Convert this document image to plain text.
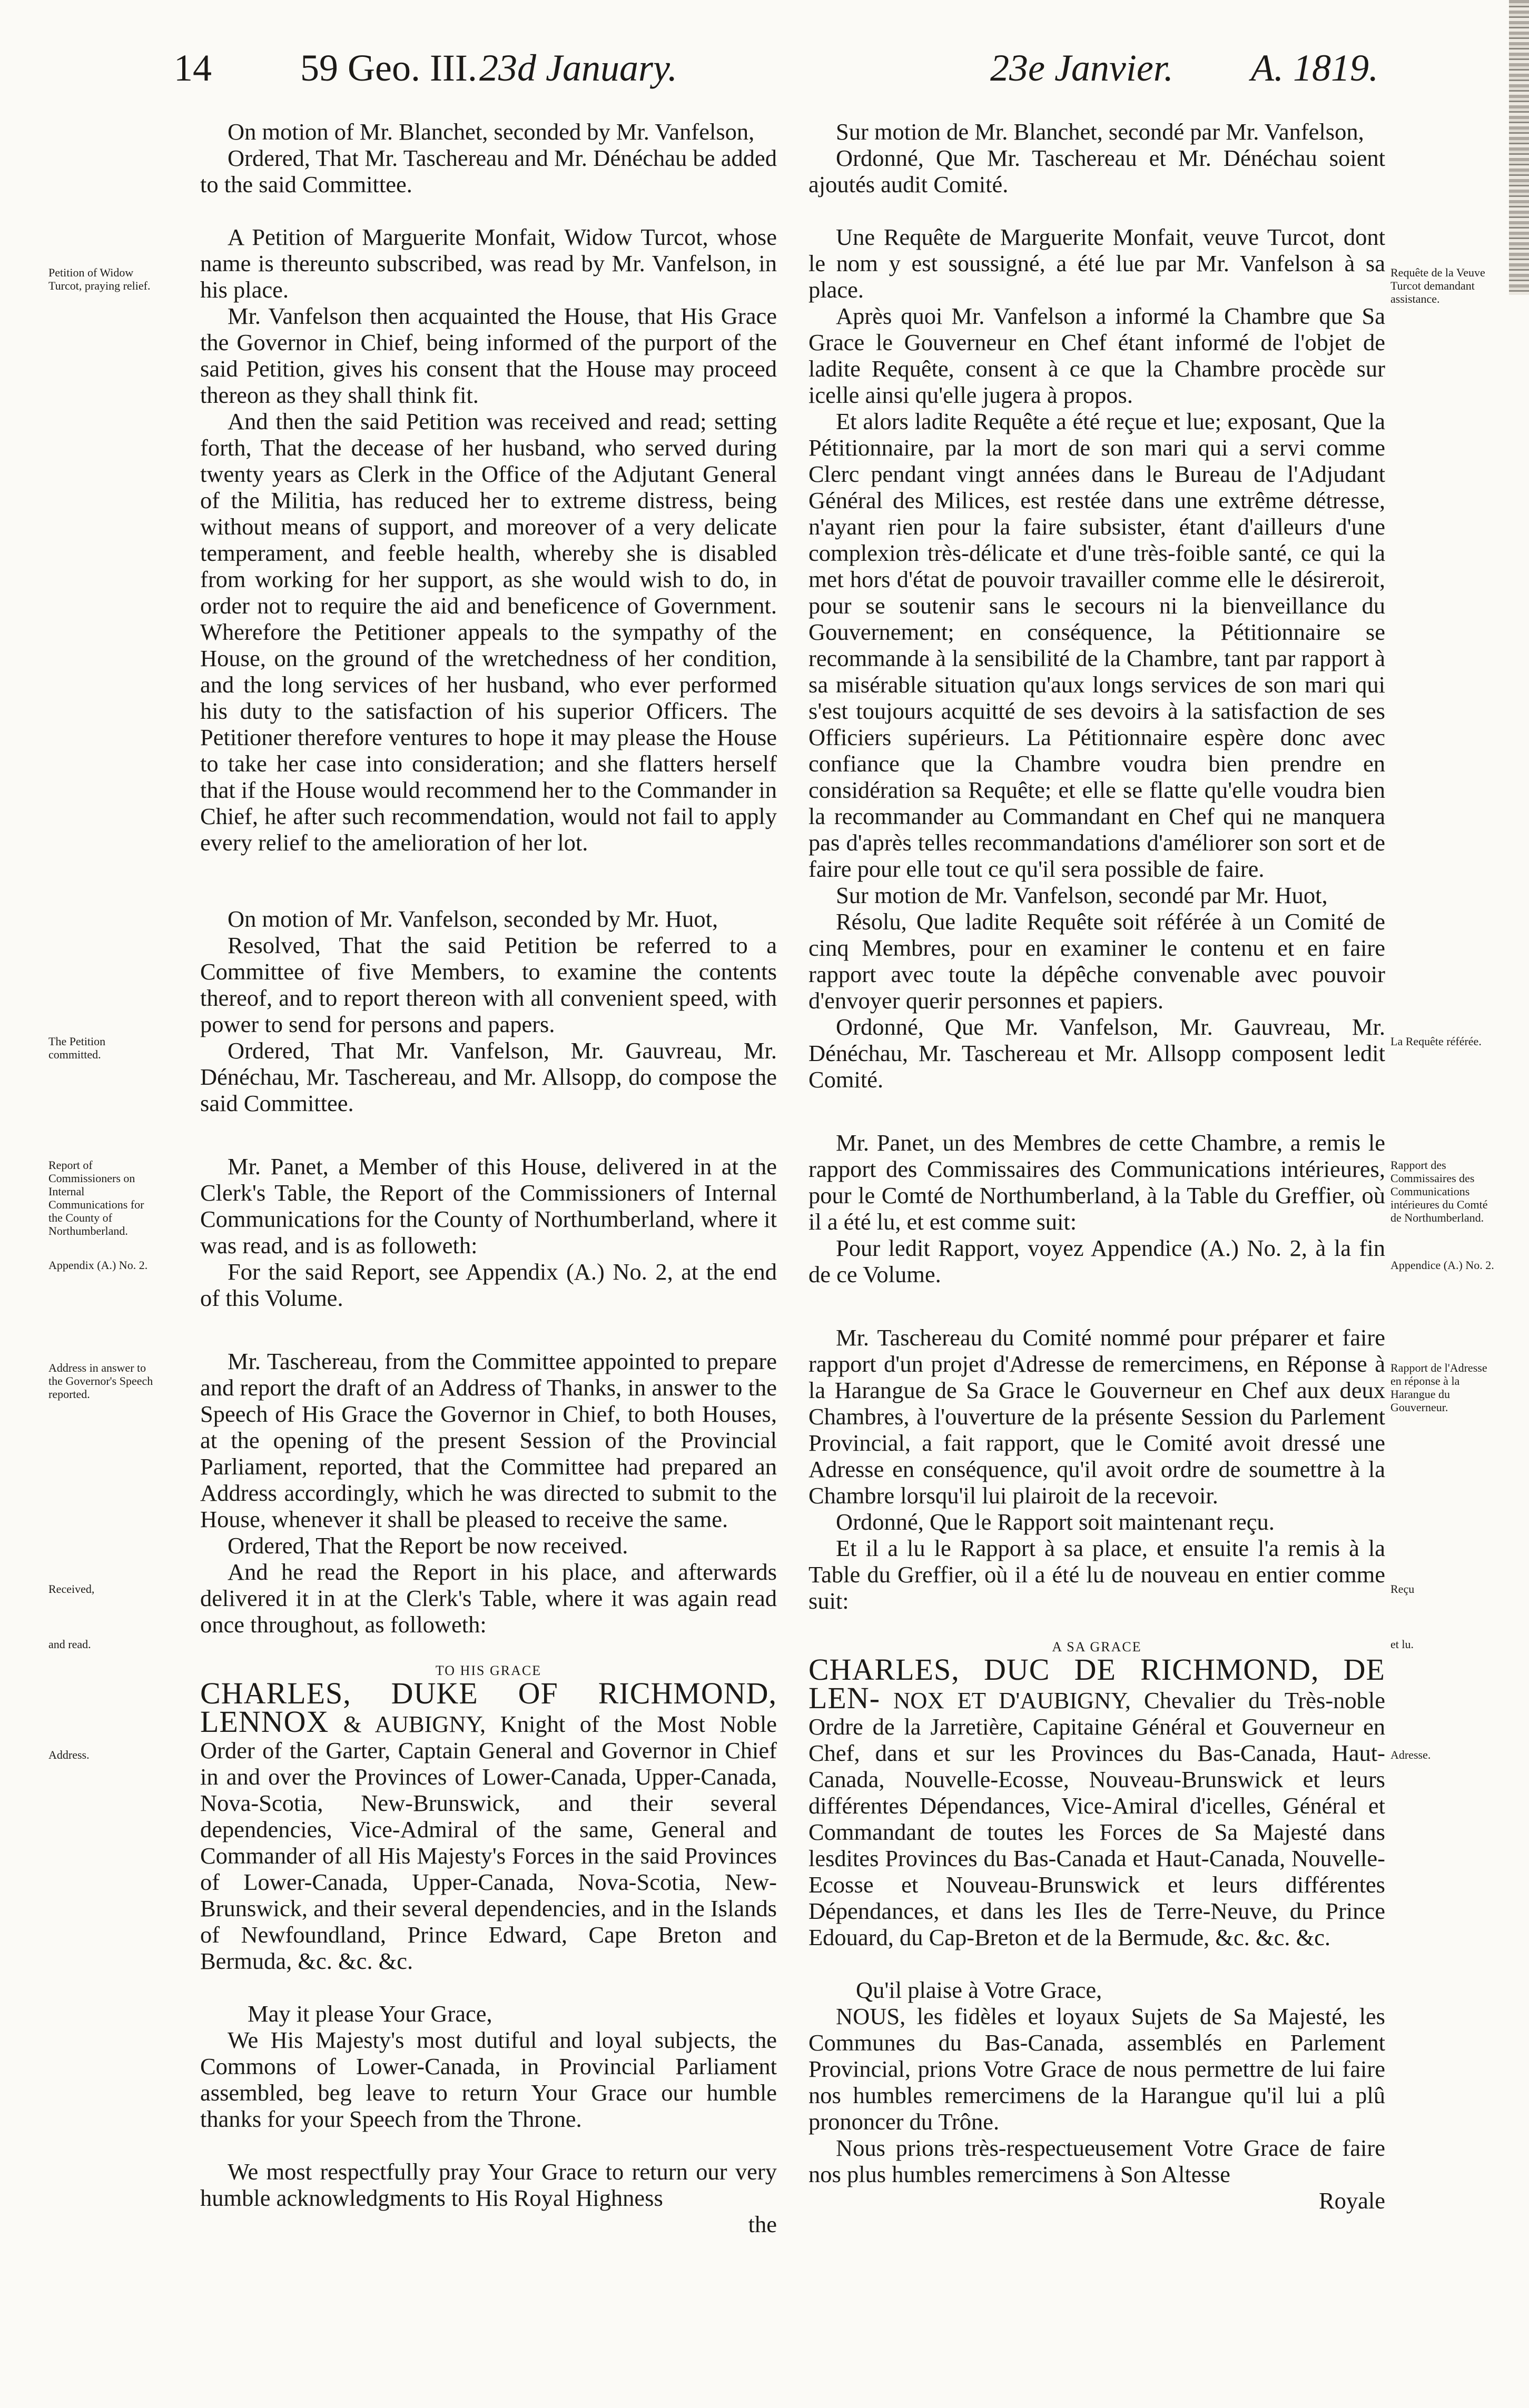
14 59 Geo. III. 23d January.	23e Janvier. A. 1819.
Petition of Widow Turcot, praying relief.
The Petition committed.
Report of Commissioners on Internal Communications for the County of Northumberland.
Appendix (A.) No. 2.
Address in answer to the Governor's Speech reported.
Received,
and read.
Address.
Requête de la Veuve Turcot demandant assistance.
La Requête référée.
Rapport des Commissaires des Communications intérieures du Comté de Northumberland.
Appendice (A.) No. 2.
Rapport de l'Adresse en réponse à la Harangue du Gouverneur.
Reçu
et lu.
Adresse.

On motion of Mr. Blanchet, seconded by Mr. Vanfelson,

Ordered, That Mr. Taschereau and Mr. Dénéchau be added to the said Committee.

A Petition of Marguerite Monfait, Widow Turcot, whose name is thereunto subscribed, was read by Mr. Vanfelson, in his place.

Mr. Vanfelson then acquainted the House, that His Grace the Governor in Chief, being informed of the purport of the said Petition, gives his consent that the House may proceed thereon as they shall think fit.

And then the said Petition was received and read; setting forth, That the decease of her husband, who served during twenty years as Clerk in the Office of the Adjutant General of the Militia, has reduced her to extreme distress, being without means of support, and moreover of a very delicate temperament, and feeble health, whereby she is disabled from working for her support, as she would wish to do, in order not to require the aid and beneficence of Government. Wherefore the Petitioner appeals to the sympathy of the House, on the ground of the wretchedness of her condition, and the long services of her husband, who ever performed his duty to the satisfaction of his superior Officers. The Petitioner therefore ventures to hope it may please the House to take her case into consideration; and she flatters herself that if the House would recommend her to the Commander in Chief, he after such recommendation, would not fail to apply every relief to the amelioration of her lot.

On motion of Mr. Vanfelson, seconded by Mr. Huot,

Resolved, That the said Petition be referred to a Committee of five Members, to examine the contents thereof, and to report thereon with all convenient speed, with power to send for persons and papers.

Ordered, That Mr. Vanfelson, Mr. Gauvreau, Mr. Dénéchau, Mr. Taschereau, and Mr. Allsopp, do compose the said Committee.

Mr. Panet, a Member of this House, delivered in at the Clerk's Table, the Report of the Commissioners of Internal Communications for the County of Northumberland, where it was read, and is as followeth:

For the said Report, see Appendix (A.) No. 2, at the end of this Volume.

Mr. Taschereau, from the Committee appointed to prepare and report the draft of an Address of Thanks, in answer to the Speech of His Grace the Governor in Chief, to both Houses, at the opening of the present Session of the Provincial Parliament, reported, that the Committee had prepared an Address accordingly, which he was directed to submit to the House, whenever it shall be pleased to receive the same.

Ordered, That the Report be now received.

And he read the Report in his place, and afterwards delivered it in at the Clerk's Table, where it was again read once throughout, as followeth:

TO HIS GRACE

CHARLES, DUKE OF RICHMOND, LENNOX & AUBIGNY, Knight of the Most Noble Order of the Garter, Captain General and Governor in Chief in and over the Provinces of Lower-Canada, Upper-Canada, Nova-Scotia, New-Brunswick, and their several dependencies, Vice-Admiral of the same, General and Commander of all His Majesty's Forces in the said Provinces of Lower-Canada, Upper-Canada, Nova-Scotia, New-Brunswick, and their several dependencies, and in the Islands of Newfoundland, Prince Edward, Cape Breton and Bermuda, &c. &c. &c.

May it please Your Grace,

We His Majesty's most dutiful and loyal subjects, the Commons of Lower-Canada, in Provincial Parliament assembled, beg leave to return Your Grace our humble thanks for your Speech from the Throne.

We most respectfully pray Your Grace to return our very humble acknowledgments to His Royal Highness

the

Sur motion de Mr. Blanchet, secondé par Mr. Vanfelson,

Ordonné, Que Mr. Taschereau et Mr. Dénéchau soient ajoutés audit Comité.

Une Requête de Marguerite Monfait, veuve Turcot, dont le nom y est soussigné, a été lue par Mr. Vanfelson à sa place.

Après quoi Mr. Vanfelson a informé la Chambre que Sa Grace le Gouverneur en Chef étant informé de l'objet de ladite Requête, consent à ce que la Chambre procède sur icelle ainsi qu'elle jugera à propos.

Et alors ladite Requête a été reçue et lue; exposant, Que la Pétitionnaire, par la mort de son mari qui a servi comme Clerc pendant vingt années dans le Bureau de l'Adjudant Général des Milices, est restée dans une extrême détresse, n'ayant rien pour la faire subsister, étant d'ailleurs d'une complexion très-délicate et d'une très-foible santé, ce qui la met hors d'état de pouvoir travailler comme elle le désireroit, pour se soutenir sans le secours ni la bienveillance du Gouvernement; en conséquence, la Pétitionnaire se recommande à la sensibilité de la Chambre, tant par rapport à sa misérable situation qu'aux longs services de son mari qui s'est toujours acquitté de ses devoirs à la satisfaction de ses Officiers supérieurs. La Pétitionnaire espère donc avec confiance que la Chambre voudra bien prendre en considération sa Requête; et elle se flatte qu'elle voudra bien la recommander au Commandant en Chef qui ne manquera pas d'après telles recommandations d'améliorer son sort et de faire pour elle tout ce qu'il sera possible de faire.

Sur motion de Mr. Vanfelson, secondé par Mr. Huot,

Résolu, Que ladite Requête soit référée à un Comité de cinq Membres, pour en examiner le contenu et en faire rapport avec toute la dépêche convenable avec pouvoir d'envoyer querir personnes et papiers.

Ordonné, Que Mr. Vanfelson, Mr. Gauvreau, Mr. Dénéchau, Mr. Taschereau et Mr. Allsopp composent ledit Comité.

Mr. Panet, un des Membres de cette Chambre, a remis le rapport des Commissaires des Communications intérieures, pour le Comté de Northumberland, à la Table du Greffier, où il a été lu, et est comme suit:

Pour ledit Rapport, voyez Appendice (A.) No. 2, à la fin de ce Volume.

Mr. Taschereau du Comité nommé pour préparer et faire rapport d'un projet d'Adresse de remercimens, en Réponse à la Harangue de Sa Grace le Gouverneur en Chef aux deux Chambres, à l'ouverture de la présente Session du Parlement Provincial, a fait rapport, que le Comité avoit dressé une Adresse en conséquence, qu'il avoit ordre de soumettre à la Chambre lorsqu'il lui plairoit de la recevoir.

Ordonné, Que le Rapport soit maintenant reçu.

Et il a lu le Rapport à sa place, et ensuite l'a remis à la Table du Greffier, où il a été lu de nouveau en entier comme suit:

A SA GRACE

CHARLES, DUC DE RICHMOND, DE LEN- NOX ET D'AUBIGNY, Chevalier du Très-noble Ordre de la Jarretière, Capitaine Général et Gouverneur en Chef, dans et sur les Provinces du Bas-Canada, Haut-Canada, Nouvelle-Ecosse, Nouveau-Brunswick et leurs différentes Dépendances, Vice-Amiral d'icelles, Général et Commandant de toutes les Forces de Sa Majesté dans lesdites Provinces du Bas-Canada et Haut-Canada, Nouvelle-Ecosse et Nouveau-Brunswick et leurs différentes Dépendances, et dans les Iles de Terre-Neuve, du Prince Edouard, du Cap-Breton et de la Bermude, &c. &c. &c.

Qu'il plaise à Votre Grace,

NOUS, les fidèles et loyaux Sujets de Sa Majesté, les Communes du Bas-Canada, assemblés en Parlement Provincial, prions Votre Grace de nous permettre de lui faire nos humbles remercimens de la Harangue qu'il lui a plû prononcer du Trône.

Nous prions très-respectueusement Votre Grace de faire nos plus humbles remercimens à Son Altesse

Royale
